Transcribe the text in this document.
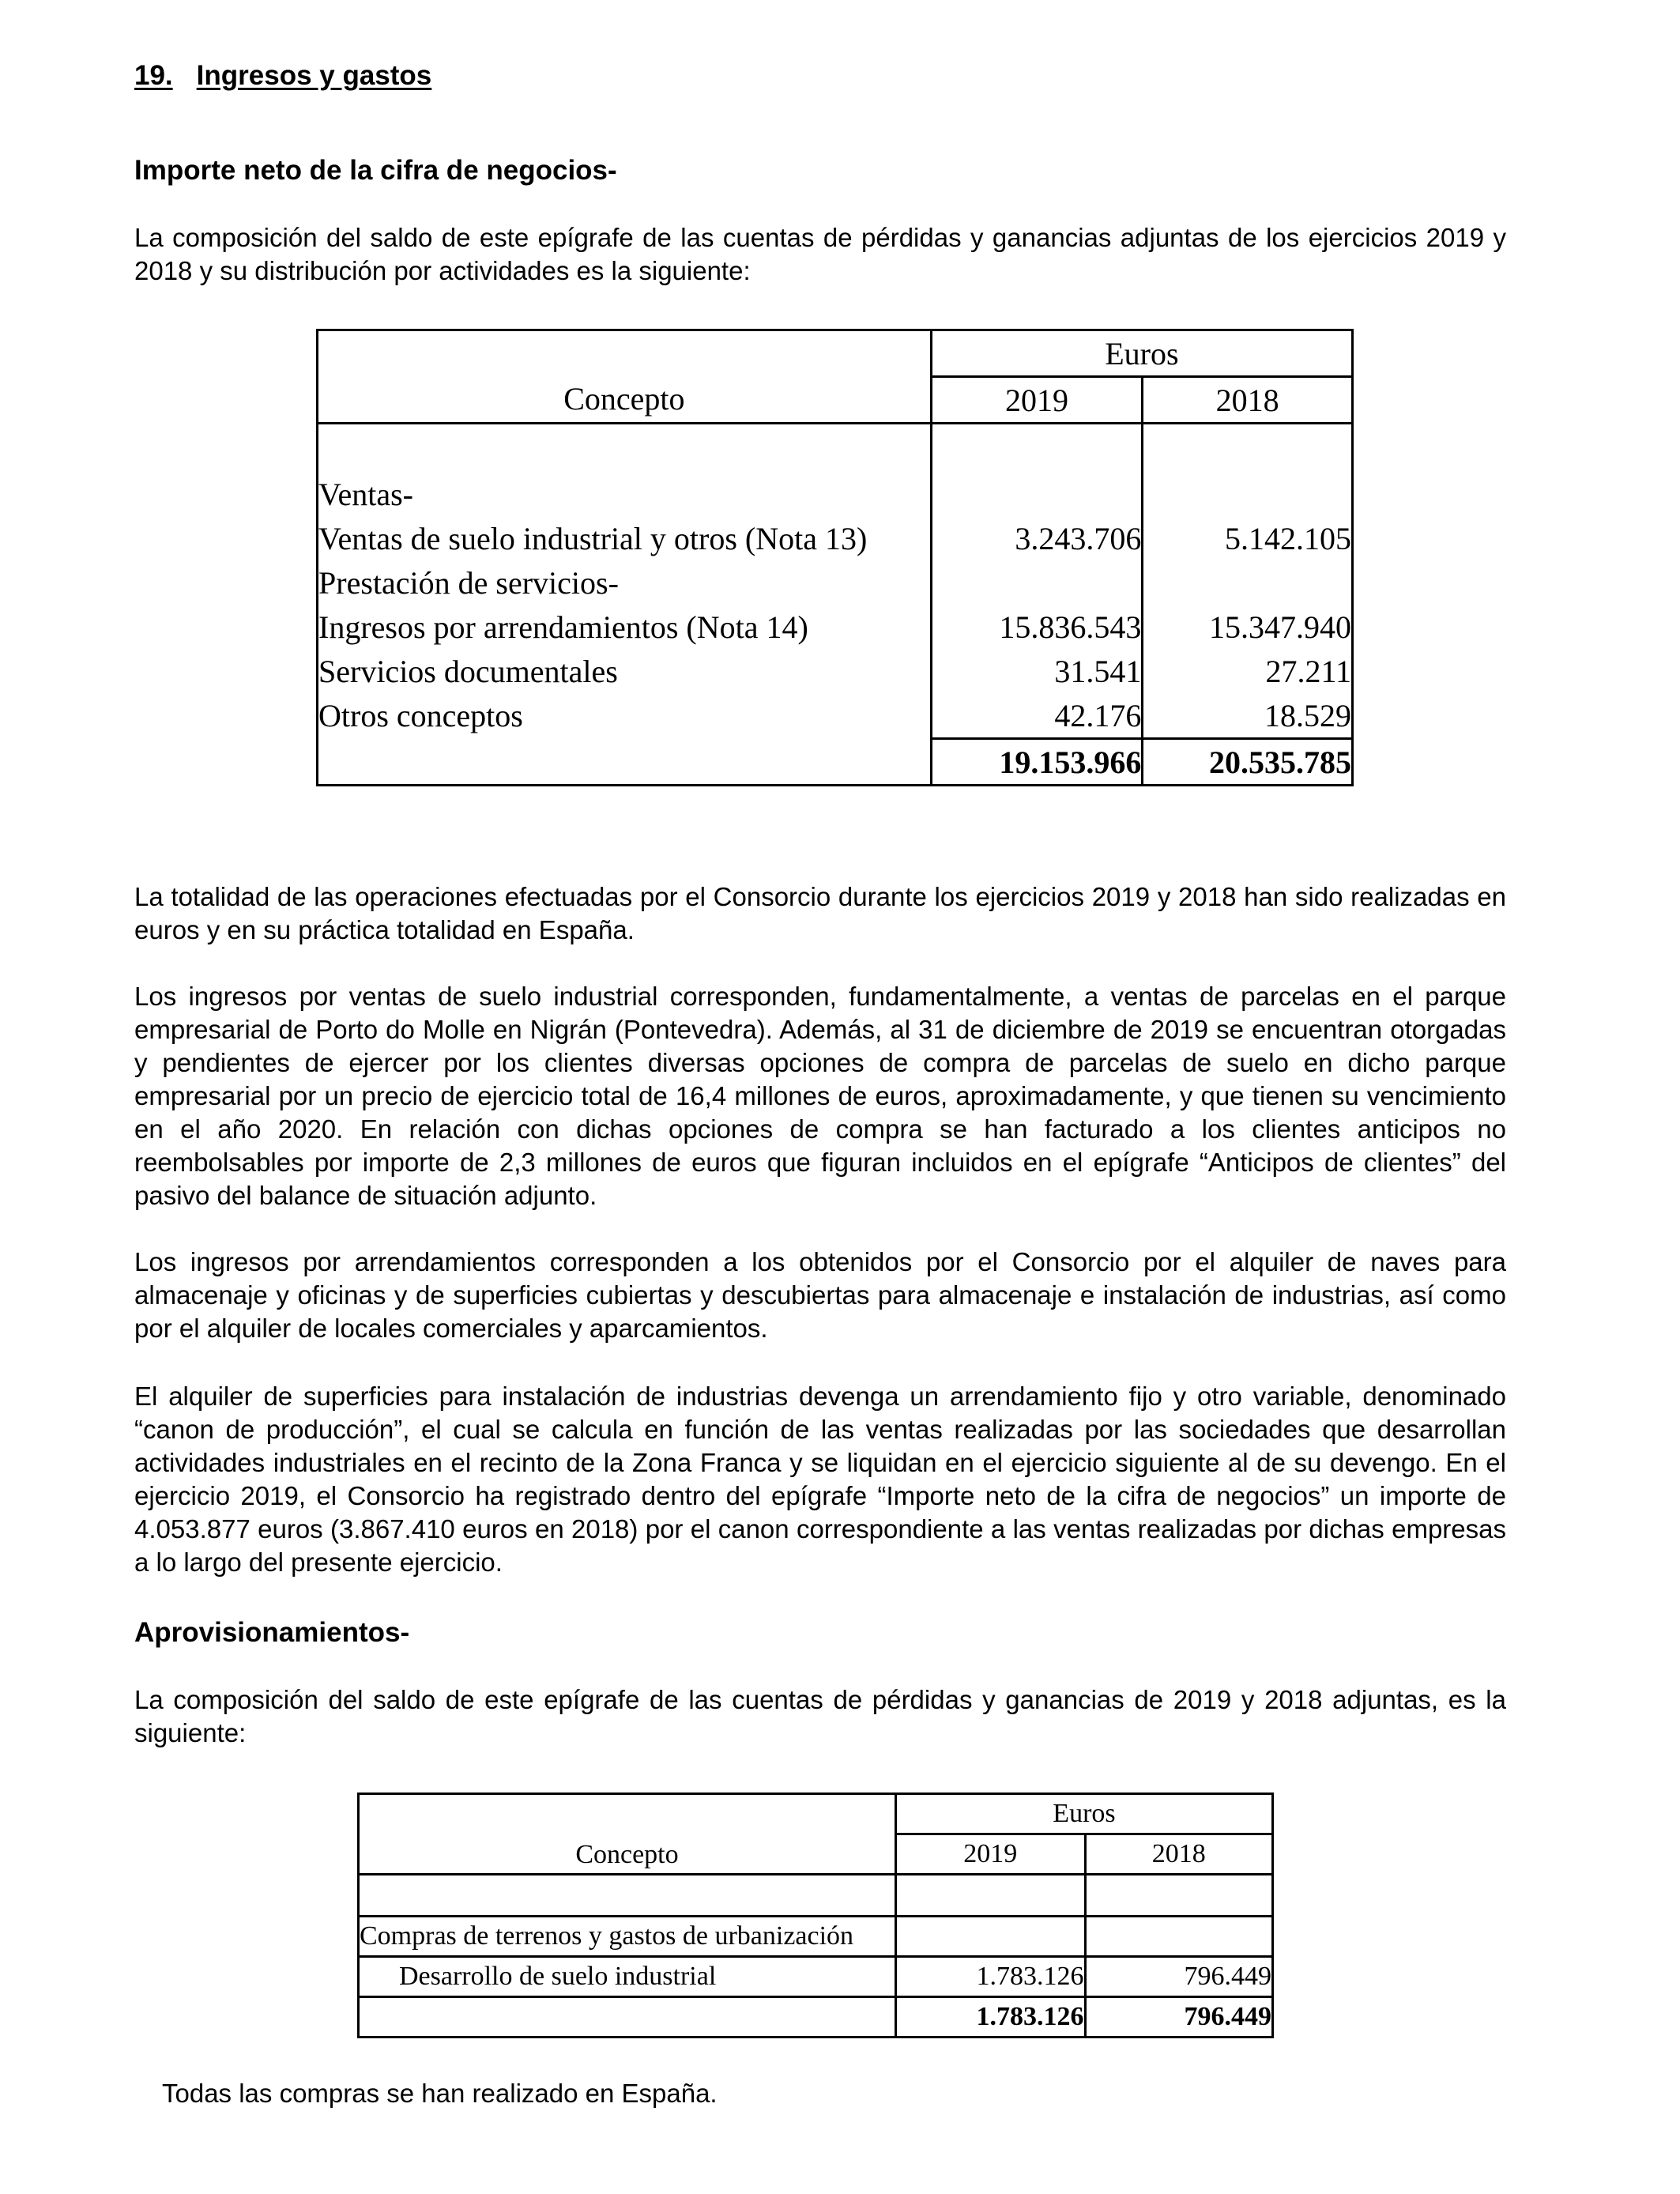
19. Ingresos y gastos
Importe neto de la cifra de negocios-

La composición del saldo de este epígrafe de las cuentas de pérdidas y ganancias adjuntas de los ejercicios 2019 y 2018 y su distribución por actividades es la siguiente:

Concepto	Euros	
	2019	2018

Ventas-		
Ventas de suelo industrial y otros (Nota 13)	3.243.706	5.142.105
Prestación de servicios-		
Ingresos por arrendamientos (Nota 14)	15.836.543	15.347.940
Servicios documentales	31.541	27.211
Otros conceptos	42.176	18.529
	19.153.966	20.535.785

La totalidad de las operaciones efectuadas por el Consorcio durante los ejercicios 2019 y 2018 han sido realizadas en euros y en su práctica totalidad en España.

Los ingresos por ventas de suelo industrial corresponden, fundamentalmente, a ventas de parcelas en el parque empresarial de Porto do Molle en Nigrán (Pontevedra). Además, al 31 de diciembre de 2019 se encuentran otorgadas y pendientes de ejercer por los clientes diversas opciones de compra de parcelas de suelo en dicho parque empresarial por un precio de ejercicio total de 16,4 millones de euros, aproximadamente, y que tienen su vencimiento en el año 2020. En relación con dichas opciones de compra se han facturado a los clientes anticipos no reembolsables por importe de 2,3 millones de euros que figuran incluidos en el epígrafe “Anticipos de clientes” del pasivo del balance de situación adjunto.

Los ingresos por arrendamientos corresponden a los obtenidos por el Consorcio por el alquiler de naves para almacenaje y oficinas y de superficies cubiertas y descubiertas para almacenaje e instalación de industrias, así como por el alquiler de locales comerciales y aparcamientos.

El alquiler de superficies para instalación de industrias devenga un arrendamiento fijo y otro variable, denominado “canon de producción”, el cual se calcula en función de las ventas realizadas por las sociedades que desarrollan actividades industriales en el recinto de la Zona Franca y se liquidan en el ejercicio siguiente al de su devengo. En el ejercicio 2019, el Consorcio ha registrado dentro del epígrafe “Importe neto de la cifra de negocios” un importe de 4.053.877 euros (3.867.410 euros en 2018) por el canon correspondiente a las ventas realizadas por dichas empresas a lo largo del presente ejercicio.

Aprovisionamientos-

La composición del saldo de este epígrafe de las cuentas de pérdidas y ganancias de 2019 y 2018 adjuntas, es la siguiente:

Concepto	Euros	
	2019	2018

Compras de terrenos y gastos de urbanización		
Desarrollo de suelo industrial	1.783.126	796.449
	1.783.126	796.449
Todas las compras se han realizado en España.
